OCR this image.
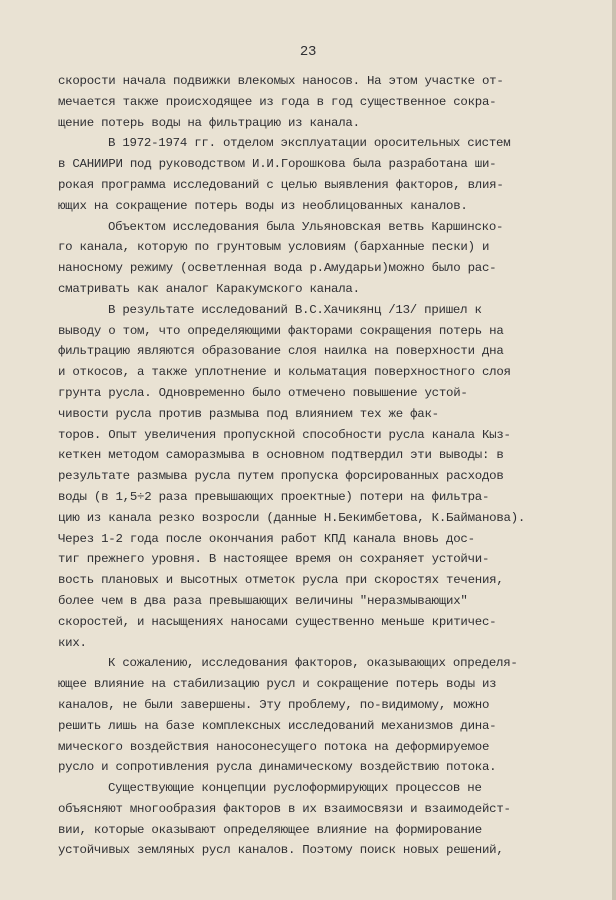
23
скорости начала подвижки влекомых наносов. На этом участке от-
мечается также происходящее из года в год существенное сокра-
щение потерь воды на фильтрацию из канала.
В 1972-1974 гг. отделом эксплуатации оросительных систем
в САНИИРИ под руководством И.И.Горошкова была разработана ши-
рокая программа исследований с целью выявления факторов, влия-
ющих на сокращение потерь воды из необлицованных каналов.
Объектом исследования была Ульяновская ветвь Каршинско-
го канала, которую по грунтовым условиям (барханные пески) и
наносному режиму (осветленная вода р.Амударьи)можно было рас-
сматривать как аналог Каракумского канала.
В результате исследований В.С.Хачикянц /13/ пришел к
выводу о том, что определяющими факторами сокращения потерь на
фильтрацию являются образование слоя наилка на поверхности дна
и откосов, а также уплотнение и кольматация поверхностного слоя
грунта русла. Одновременно было отмечено повышение устой-
чивости русла против размыва под влиянием тех же фак-
торов. Опыт увеличения пропускной способности русла канала Кыз-
кеткен методом саморазмыва в основном подтвердил эти выводы: в
результате размыва русла путем пропуска форсированных расходов
воды (в 1,5÷2 раза превышающих проектные) потери на фильтра-
цию из канала резко возросли (данные Н.Бекимбетова, К.Байманова).
Через 1-2 года после окончания работ КПД канала вновь дос-
тиг прежнего уровня. В настоящее время он сохраняет устойчи-
вость плановых и высотных отметок русла при скоростях течения,
более чем в два раза превышающих величины "неразмывающих"
скоростей, и насыщениях наносами существенно меньше критичес-
ких.
К сожалению, исследования факторов, оказывающих определя-
ющее влияние на стабилизацию русл и сокращение потерь воды из
каналов, не были завершены. Эту проблему, по-видимому, можно
решить лишь на базе комплексных исследований механизмов дина-
мического воздействия наносонесущего потока на деформируемое
русло и сопротивления русла динамическому воздействию потока.
Существующие концепции руслоформирующих процессов не
объясняют многообразия факторов в их взаимосвязи и взаимодейст-
вии, которые оказывают определяющее влияние на формирование
устойчивых земляных русл каналов. Поэтому поиск новых решений,
